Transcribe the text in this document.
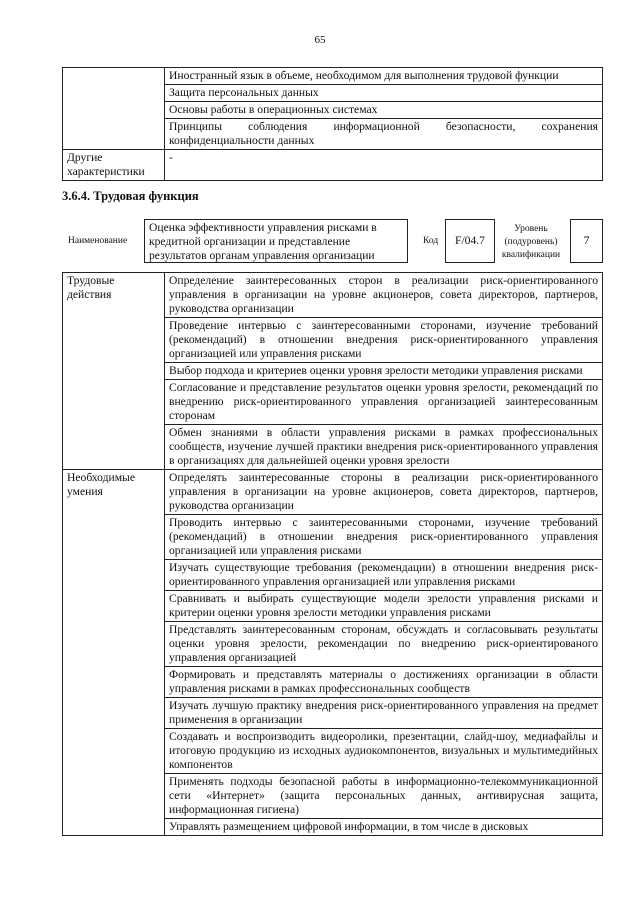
65
	Иностранный язык в объеме, необходимом для выполнения трудовой функции
	Защита персональных данных
	Основы работы в операционных системах
	Принципы соблюдения информационной безопасности, сохранения конфиденциальности данных
Другие характеристики	-
3.6.4. Трудовая функция
Наименование
Оценка эффективности управления рисками в кредитной организации и представление результатов органам управления организации
Код	F/04.7
Уровень (подуровень) квалификации
7
Трудовые действия	Определение заинтересованных сторон в реализации риск-ориентированного управления в организации на уровне акционеров, совета директоров, партнеров, руководства организации
	Проведение интервью с заинтересованными сторонами, изучение требований (рекомендаций) в отношении внедрения риск-ориентированного управления организацией или управления рисками
	Выбор подхода и критериев оценки уровня зрелости методики управления рисками
	Согласование и представление результатов оценки уровня зрелости, рекомендаций по внедрению риск-ориентированного управления организацией заинтересованным сторонам
	Обмен знаниями в области управления рисками в рамках профессиональных сообществ, изучение лучшей практики внедрения риск-ориентированного управления в организациях для дальнейшей оценки уровня зрелости
Необходимые умения	Определять заинтересованные стороны в реализации риск-ориентированного управления в организации на уровне акционеров, совета директоров, партнеров, руководства организации
	Проводить интервью с заинтересованными сторонами, изучение требований (рекомендаций) в отношении внедрения риск-ориентированного управления организацией или управления рисками
	Изучать существующие требования (рекомендации) в отношении внедрения риск-ориентированного управления организацией или управления рисками
	Сравнивать и выбирать существующие модели зрелости управления рисками и критерии оценки уровня зрелости методики управления рисками
	Представлять заинтересованным сторонам, обсуждать и согласовывать результаты оценки уровня зрелости, рекомендации по внедрению риск-ориентированого управления организацией
	Формировать и представлять материалы о достижениях организации в области управления рисками в рамках профессиональных сообществ
	Изучать лучшую практику внедрения риск-ориентированного управления на предмет применения в организации
	Создавать и воспроизводить видеоролики, презентации, слайд-шоу, медиафайлы и итоговую продукцию из исходных аудиокомпонентов, визуальных и мультимедийных компонентов
	Применять подходы безопасной работы в информационно-телекоммуникационной сети «Интернет» (защита персональных данных, антивирусная защита, информационная гигиена)
	Управлять размещением цифровой информации, в том числе в дисковых
